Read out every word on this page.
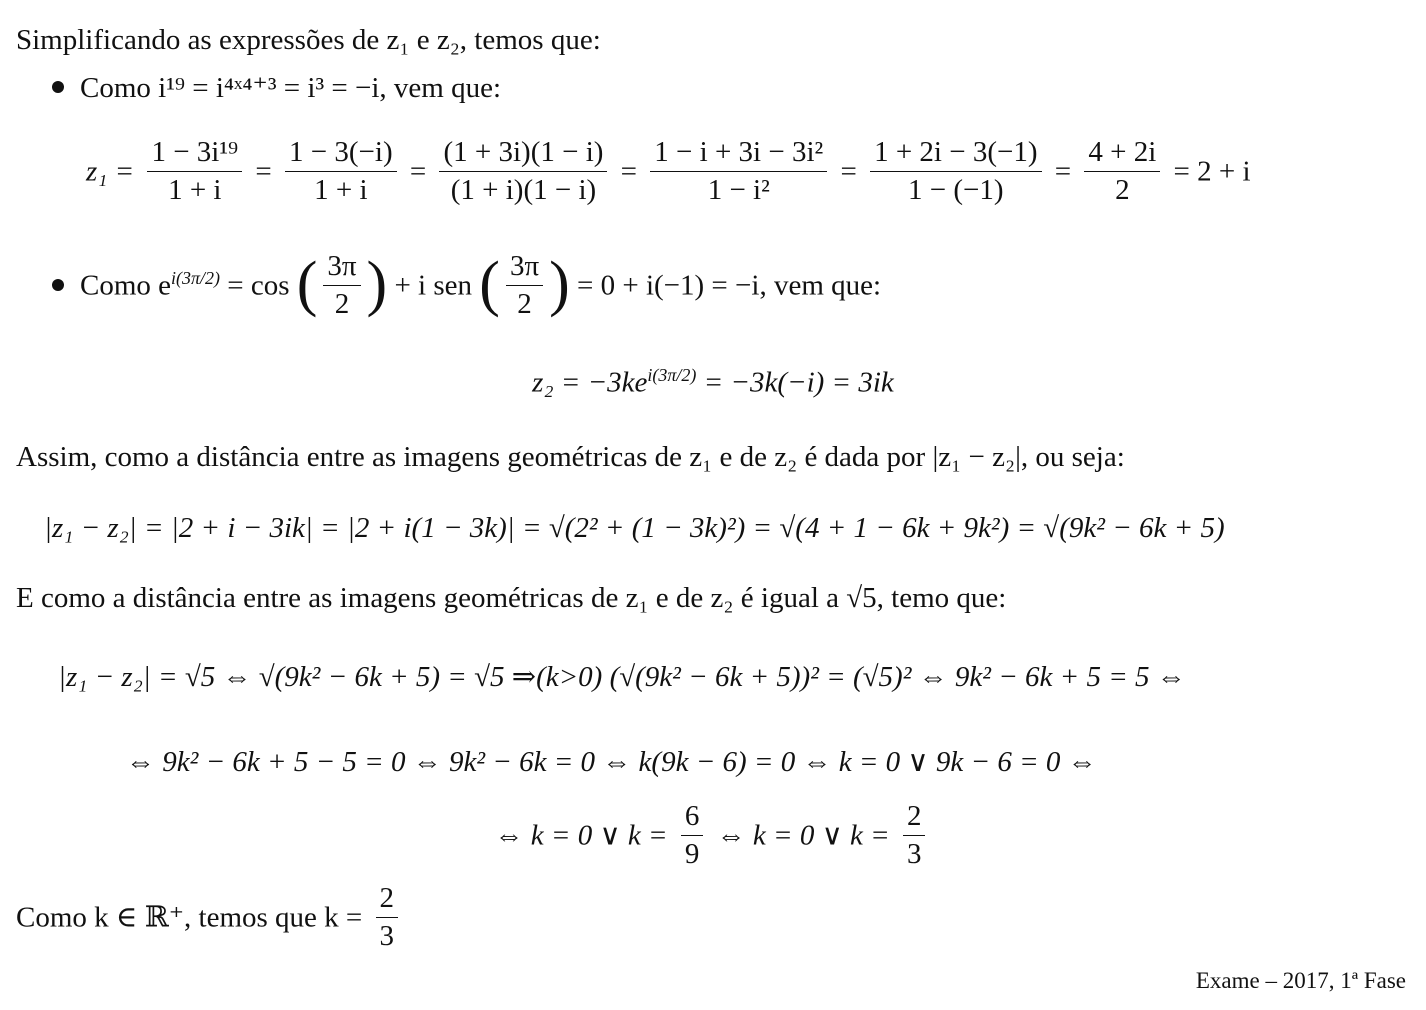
Simplificando as expressões de z₁ e z₂, temos que:
Como i¹⁹ = i⁴ˣ⁴⁺³ = i³ = −i, vem que:
$z_1 = \frac{\text{1 − 3i¹⁹}}{1 + i} = \frac{1 - 3(-i)}{1 + i} = \frac{(1 + 3i)(1 - i)}{(1 + i)(1 - i)} = \frac{\text{1 − i + 3i − 3i²}}{\text{1 − i²}} = \frac{1 + 2i - 3(-1)}{1 - (-1)} = \frac{4 + 2i}{2} = 2 + i$
Como $e^{i(3\pi/2)} = \cos$ ( $\frac{3\pi}{2}$ ) + i sen ( $\frac{3\pi}{2}$ ) = 0 + i(−1) = −i, vem que:
$z_2 = -3ke^{i(3\pi/2)} = -3k(-i) = 3ik$
Assim, como a distância entre as imagens geométricas de z₁ e de z₂ é dada por |z₁ − z₂|, ou seja:
|z₁ − z₂| = |2 + i − 3ik| = |2 + i(1 − 3k)| = √(2² + (1 − 3k)²) = √(4 + 1 − 6k + 9k²) = √(9k² − 6k + 5)
E como a distância entre as imagens geométricas de z₁ e de z₂ é igual a √5, temo que:
|z₁ − z₂| = √5 ⇔ √(9k² − 6k + 5) = √5 ⇒(k>0) (√(9k² − 6k + 5))² = (√5)² ⇔ 9k² − 6k + 5 = 5 ⇔
⇔ 9k² − 6k + 5 − 5 = 0 ⇔ 9k² − 6k = 0 ⇔ k(9k − 6) = 0 ⇔ k = 0 ∨ 9k − 6 = 0 ⇔
⇔ k = 0 ∨ $k = \frac{6}{9}$ ⇔ k = 0 ∨ $k = \frac{2}{3}$
Como k ∈ ℝ⁺, temos que $k = \frac{2}{3}$
Exame – 2017, 1ª Fase
